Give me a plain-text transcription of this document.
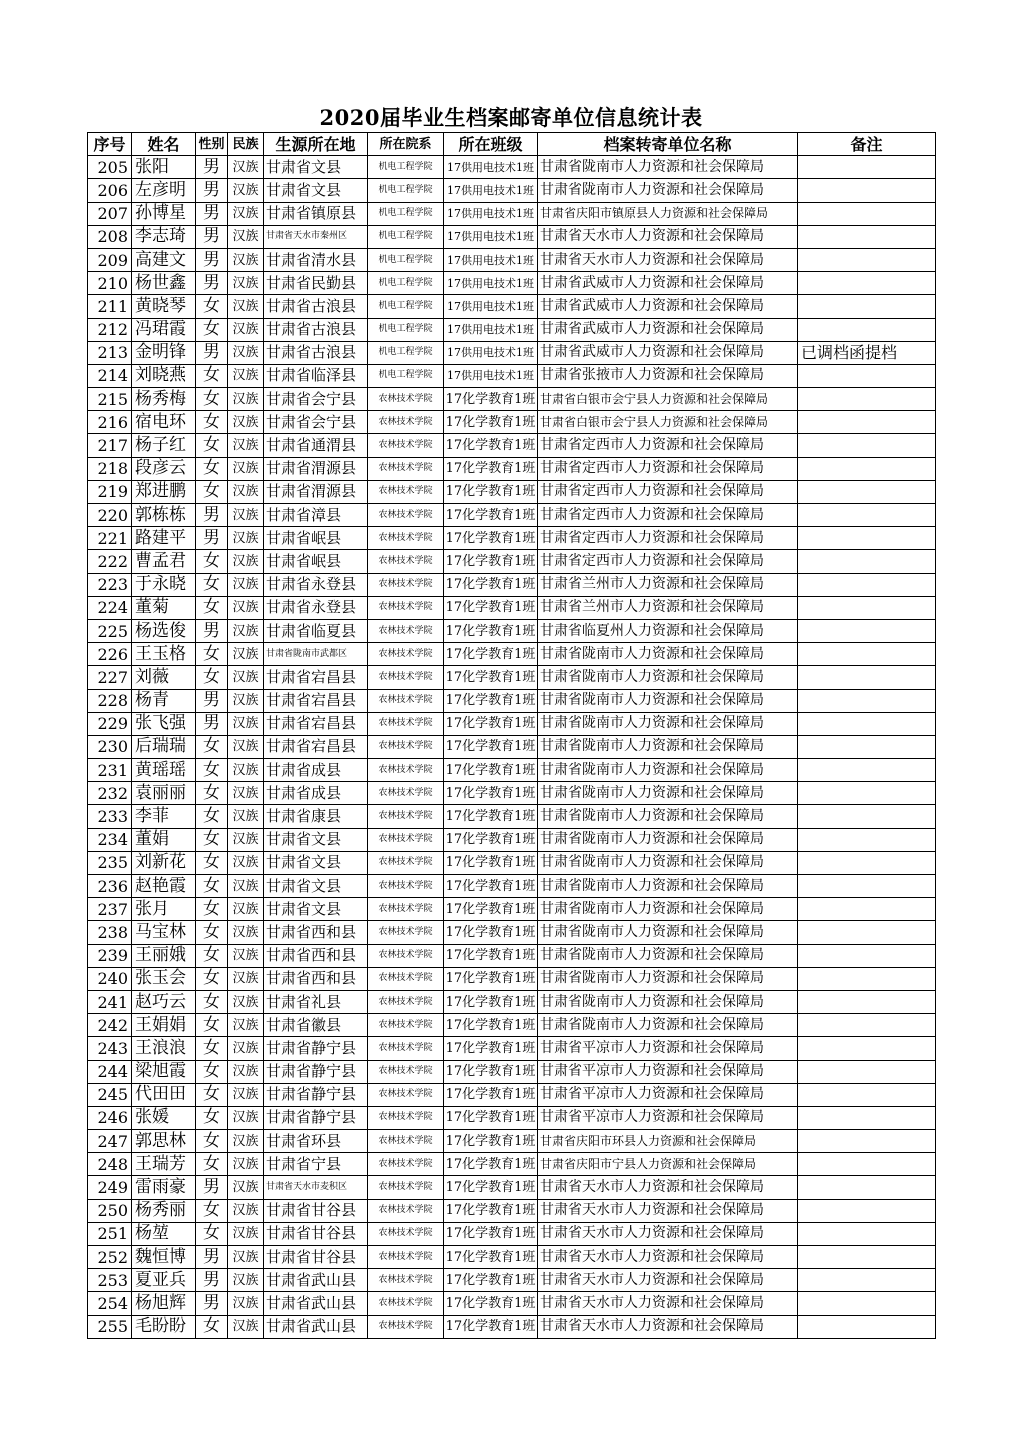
2020届毕业生档案邮寄单位信息统计表
序号	姓名	性别	民族	生源所在地	所在院系	所在班级	档案转寄单位名称	备注
205	张阳	男	汉族	甘肃省文县	机电工程学院	17供用电技术1班	甘肃省陇南市人力资源和社会保障局	
206	左彦明	男	汉族	甘肃省文县	机电工程学院	17供用电技术1班	甘肃省陇南市人力资源和社会保障局	
207	孙博星	男	汉族	甘肃省镇原县	机电工程学院	17供用电技术1班	甘肃省庆阳市镇原县人力资源和社会保障局	
208	李志琦	男	汉族	甘肃省天水市秦州区	机电工程学院	17供用电技术1班	甘肃省天水市人力资源和社会保障局	
209	高建文	男	汉族	甘肃省清水县	机电工程学院	17供用电技术1班	甘肃省天水市人力资源和社会保障局	
210	杨世鑫	男	汉族	甘肃省民勤县	机电工程学院	17供用电技术1班	甘肃省武威市人力资源和社会保障局	
211	黄晓琴	女	汉族	甘肃省古浪县	机电工程学院	17供用电技术1班	甘肃省武威市人力资源和社会保障局	
212	冯珺霞	女	汉族	甘肃省古浪县	机电工程学院	17供用电技术1班	甘肃省武威市人力资源和社会保障局	
213	金明锋	男	汉族	甘肃省古浪县	机电工程学院	17供用电技术1班	甘肃省武威市人力资源和社会保障局	已调档函提档
214	刘晓燕	女	汉族	甘肃省临泽县	机电工程学院	17供用电技术1班	甘肃省张掖市人力资源和社会保障局	
215	杨秀梅	女	汉族	甘肃省会宁县	农林技术学院	17化学教育1班	甘肃省白银市会宁县人力资源和社会保障局	
216	宿电环	女	汉族	甘肃省会宁县	农林技术学院	17化学教育1班	甘肃省白银市会宁县人力资源和社会保障局	
217	杨子红	女	汉族	甘肃省通渭县	农林技术学院	17化学教育1班	甘肃省定西市人力资源和社会保障局	
218	段彦云	女	汉族	甘肃省渭源县	农林技术学院	17化学教育1班	甘肃省定西市人力资源和社会保障局	
219	郑进鹏	女	汉族	甘肃省渭源县	农林技术学院	17化学教育1班	甘肃省定西市人力资源和社会保障局	
220	郭栋栋	男	汉族	甘肃省漳县	农林技术学院	17化学教育1班	甘肃省定西市人力资源和社会保障局	
221	路建平	男	汉族	甘肃省岷县	农林技术学院	17化学教育1班	甘肃省定西市人力资源和社会保障局	
222	曹孟君	女	汉族	甘肃省岷县	农林技术学院	17化学教育1班	甘肃省定西市人力资源和社会保障局	
223	于永晓	女	汉族	甘肃省永登县	农林技术学院	17化学教育1班	甘肃省兰州市人力资源和社会保障局	
224	董菊	女	汉族	甘肃省永登县	农林技术学院	17化学教育1班	甘肃省兰州市人力资源和社会保障局	
225	杨选俊	男	汉族	甘肃省临夏县	农林技术学院	17化学教育1班	甘肃省临夏州人力资源和社会保障局	
226	王玉格	女	汉族	甘肃省陇南市武都区	农林技术学院	17化学教育1班	甘肃省陇南市人力资源和社会保障局	
227	刘薇	女	汉族	甘肃省宕昌县	农林技术学院	17化学教育1班	甘肃省陇南市人力资源和社会保障局	
228	杨青	男	汉族	甘肃省宕昌县	农林技术学院	17化学教育1班	甘肃省陇南市人力资源和社会保障局	
229	张飞强	男	汉族	甘肃省宕昌县	农林技术学院	17化学教育1班	甘肃省陇南市人力资源和社会保障局	
230	后瑞瑞	女	汉族	甘肃省宕昌县	农林技术学院	17化学教育1班	甘肃省陇南市人力资源和社会保障局	
231	黄瑶瑶	女	汉族	甘肃省成县	农林技术学院	17化学教育1班	甘肃省陇南市人力资源和社会保障局	
232	袁丽丽	女	汉族	甘肃省成县	农林技术学院	17化学教育1班	甘肃省陇南市人力资源和社会保障局	
233	李菲	女	汉族	甘肃省康县	农林技术学院	17化学教育1班	甘肃省陇南市人力资源和社会保障局	
234	董娟	女	汉族	甘肃省文县	农林技术学院	17化学教育1班	甘肃省陇南市人力资源和社会保障局	
235	刘新花	女	汉族	甘肃省文县	农林技术学院	17化学教育1班	甘肃省陇南市人力资源和社会保障局	
236	赵艳霞	女	汉族	甘肃省文县	农林技术学院	17化学教育1班	甘肃省陇南市人力资源和社会保障局	
237	张月	女	汉族	甘肃省文县	农林技术学院	17化学教育1班	甘肃省陇南市人力资源和社会保障局	
238	马宝林	女	汉族	甘肃省西和县	农林技术学院	17化学教育1班	甘肃省陇南市人力资源和社会保障局	
239	王丽娥	女	汉族	甘肃省西和县	农林技术学院	17化学教育1班	甘肃省陇南市人力资源和社会保障局	
240	张玉会	女	汉族	甘肃省西和县	农林技术学院	17化学教育1班	甘肃省陇南市人力资源和社会保障局	
241	赵巧云	女	汉族	甘肃省礼县	农林技术学院	17化学教育1班	甘肃省陇南市人力资源和社会保障局	
242	王娟娟	女	汉族	甘肃省徽县	农林技术学院	17化学教育1班	甘肃省陇南市人力资源和社会保障局	
243	王浪浪	女	汉族	甘肃省静宁县	农林技术学院	17化学教育1班	甘肃省平凉市人力资源和社会保障局	
244	梁旭霞	女	汉族	甘肃省静宁县	农林技术学院	17化学教育1班	甘肃省平凉市人力资源和社会保障局	
245	代田田	女	汉族	甘肃省静宁县	农林技术学院	17化学教育1班	甘肃省平凉市人力资源和社会保障局	
246	张媛	女	汉族	甘肃省静宁县	农林技术学院	17化学教育1班	甘肃省平凉市人力资源和社会保障局	
247	郭思林	女	汉族	甘肃省环县	农林技术学院	17化学教育1班	甘肃省庆阳市环县人力资源和社会保障局	
248	王瑞芳	女	汉族	甘肃省宁县	农林技术学院	17化学教育1班	甘肃省庆阳市宁县人力资源和社会保障局	
249	雷雨豪	男	汉族	甘肃省天水市麦积区	农林技术学院	17化学教育1班	甘肃省天水市人力资源和社会保障局	
250	杨秀丽	女	汉族	甘肃省甘谷县	农林技术学院	17化学教育1班	甘肃省天水市人力资源和社会保障局	
251	杨堃	女	汉族	甘肃省甘谷县	农林技术学院	17化学教育1班	甘肃省天水市人力资源和社会保障局	
252	魏恒博	男	汉族	甘肃省甘谷县	农林技术学院	17化学教育1班	甘肃省天水市人力资源和社会保障局	
253	夏亚兵	男	汉族	甘肃省武山县	农林技术学院	17化学教育1班	甘肃省天水市人力资源和社会保障局	
254	杨旭辉	男	汉族	甘肃省武山县	农林技术学院	17化学教育1班	甘肃省天水市人力资源和社会保障局	
255	毛盼盼	女	汉族	甘肃省武山县	农林技术学院	17化学教育1班	甘肃省天水市人力资源和社会保障局	
